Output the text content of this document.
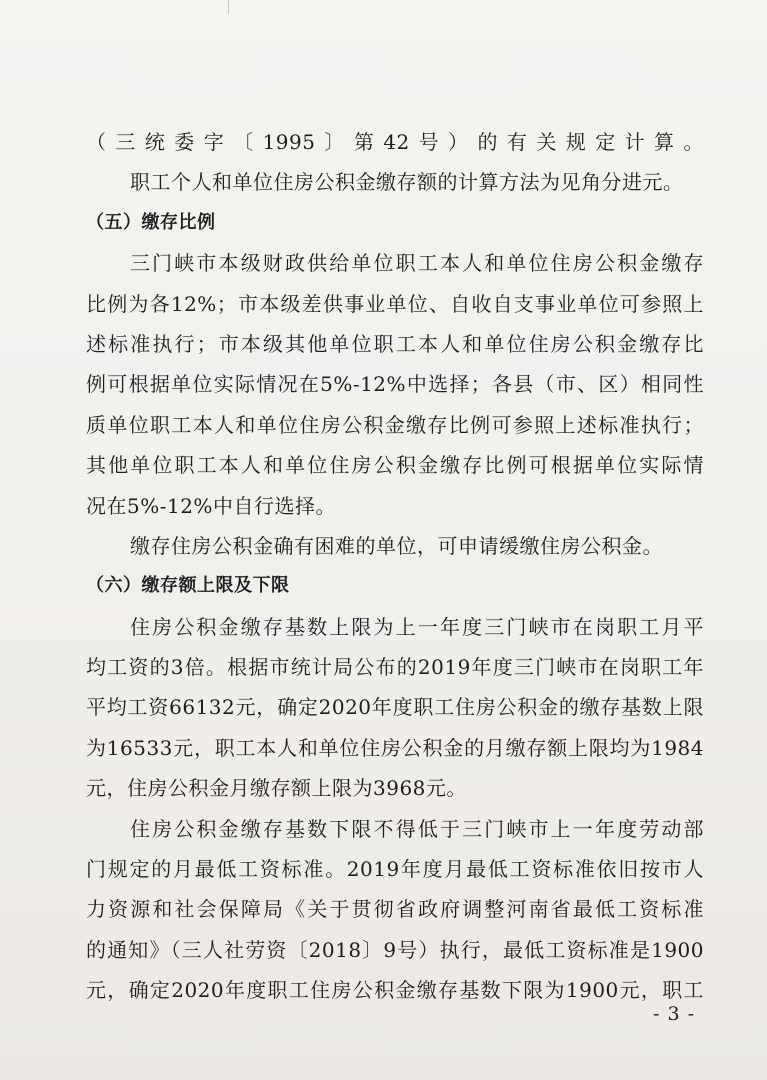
（三统委字〔1995〕第42号）的有关规定计算。
职工个人和单位住房公积金缴存额的计算方法为见角分进元。
（五）缴存比例
三门峡市本级财政供给单位职工本人和单位住房公积金缴存
比例为各12%；市本级差供事业单位、自收自支事业单位可参照上
述标准执行；市本级其他单位职工本人和单位住房公积金缴存比
例可根据单位实际情况在5%-12%中选择；各县（市、区）相同性
质单位职工本人和单位住房公积金缴存比例可参照上述标准执行；
其他单位职工本人和单位住房公积金缴存比例可根据单位实际情
况在5%-12%中自行选择。
缴存住房公积金确有困难的单位，可申请缓缴住房公积金。
（六）缴存额上限及下限
住房公积金缴存基数上限为上一年度三门峡市在岗职工月平
均工资的3倍。根据市统计局公布的2019年度三门峡市在岗职工年
平均工资66132元，确定2020年度职工住房公积金的缴存基数上限
为16533元，职工本人和单位住房公积金的月缴存额上限均为1984
元，住房公积金月缴存额上限为3968元。
住房公积金缴存基数下限不得低于三门峡市上一年度劳动部
门规定的月最低工资标准。2019年度月最低工资标准依旧按市人
力资源和社会保障局《关于贯彻省政府调整河南省最低工资标准
的通知》（三人社劳资〔2018〕9号）执行，最低工资标准是1900
元，确定2020年度职工住房公积金缴存基数下限为1900元，职工
- 3 -
